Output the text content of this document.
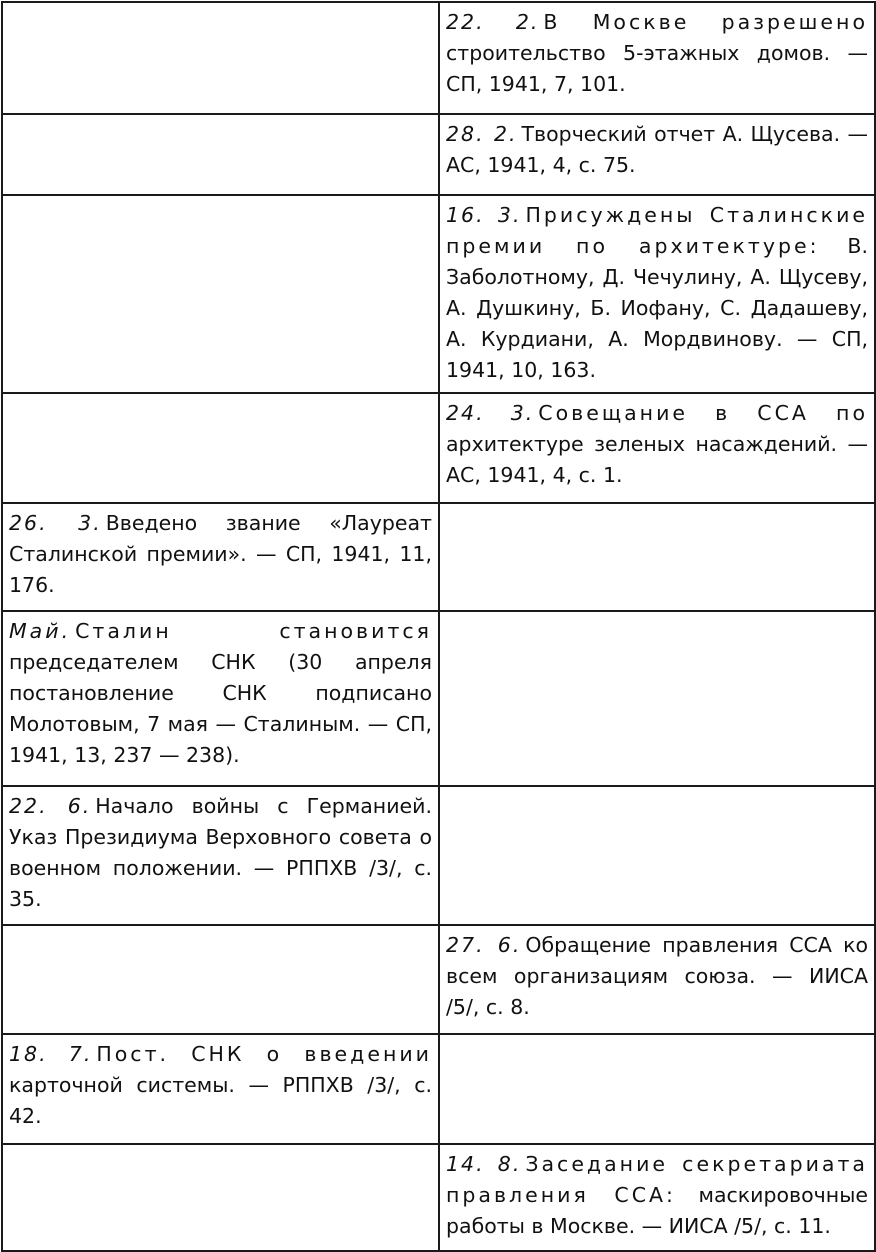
	22. 2. В Москве разрешено строительство 5-этажных домов. — СП, 1941, 7, 101.
	28. 2. Творческий отчет А. Щусева. — АС, 1941, 4, с. 75.
	16. 3. Присуждены Сталинские премии по архитектуре: В. Заболотному, Д. Чечулину, А. Щусеву, А. Душкину, Б. Иофану, С. Дадашеву, А. Курдиани, А. Мордвинову. — СП, 1941, 10, 163.
	24. 3. Совещание в ССА по архитектуре зеленых насаждений. — АС, 1941, 4, с. 1.
26. 3. Введено звание «Лауреат Сталинской премии». — СП, 1941, 11, 176.	
Май. Сталин становится председателем СНК (30 апреля постановление СНК подписано Молотовым, 7 мая — Сталиным. — СП, 1941, 13, 237 — 238).	
22. 6. Начало войны с Германией. Указ Президиума Верховного совета о военном положении. — РППХВ /3/, с. 35.	
	27. 6. Обращение правления ССА ко всем организациям союза. — ИИСА /5/, с. 8.
18. 7. Пост. СНК о введении карточной системы. — РППХВ /3/, с. 42.	
	14. 8. Заседание секретариата правления ССА: маскировочные работы в Москве. — ИИСА /5/, с. 11.
